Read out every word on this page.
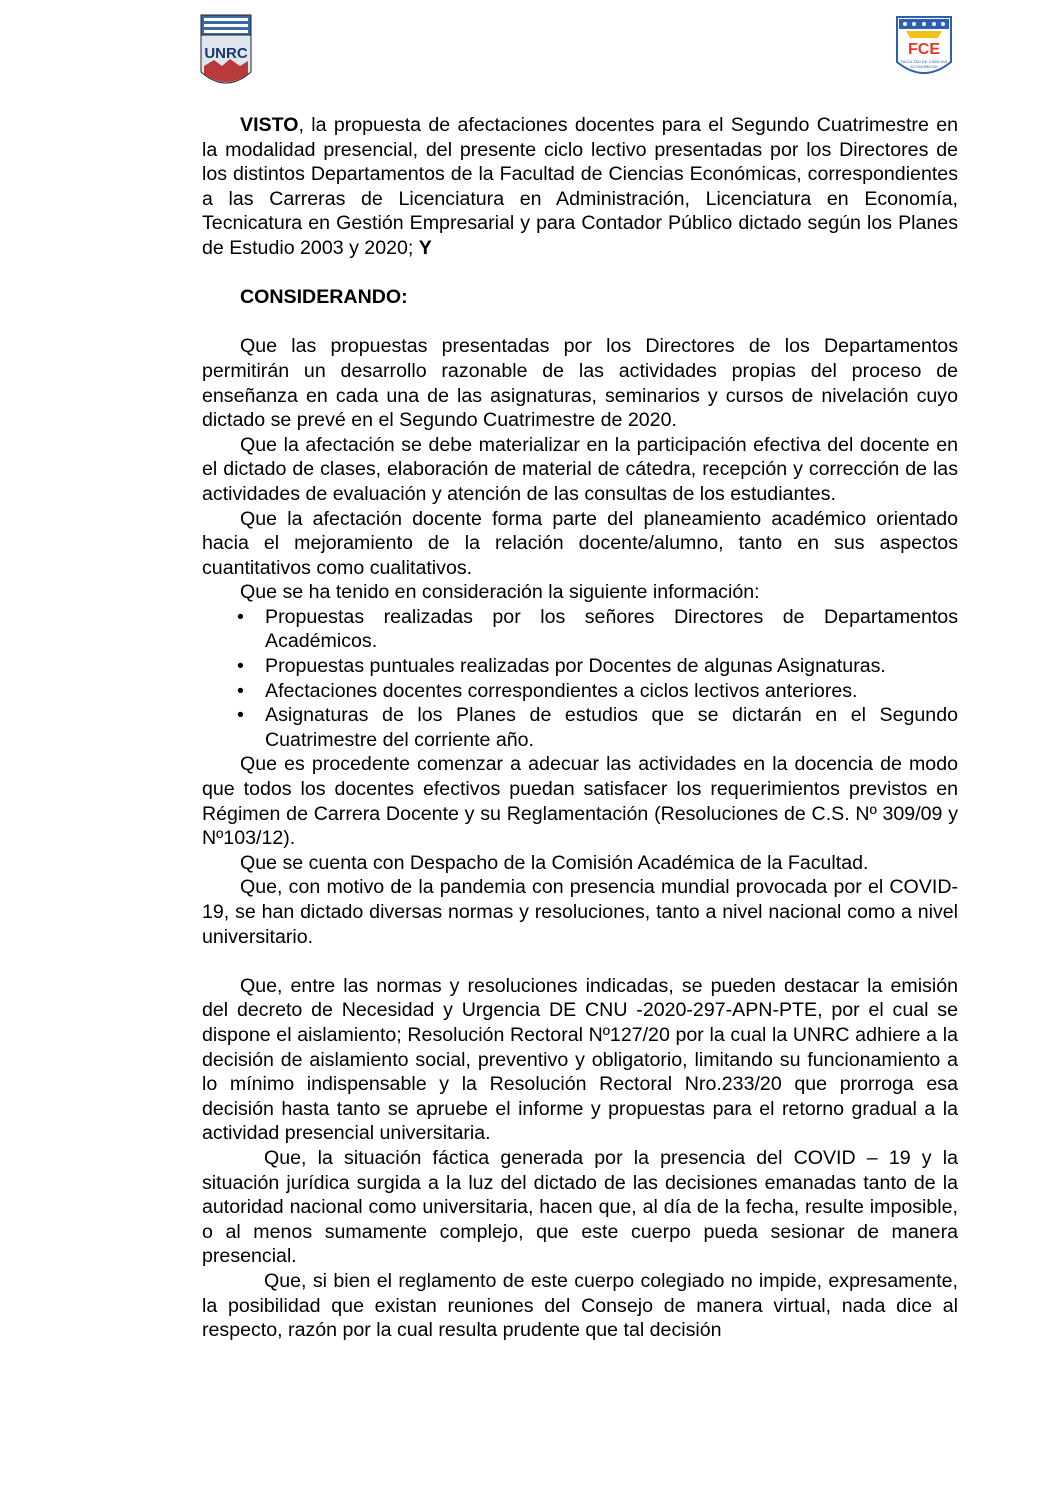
UNRC	FCE
FACULTAD DE CIENCIAS
ECONOMICAS

VISTO, la propuesta de afectaciones docentes para el Segundo Cuatrimestre en la modalidad presencial, del presente ciclo lectivo presentadas por los Directores de los distintos Departamentos de la Facultad de Ciencias Económicas, correspondientes a las Carreras de Licenciatura en Administración, Licenciatura en Economía, Tecnicatura en Gestión Empresarial y para Contador Público dictado según los Planes de Estudio 2003 y 2020; Y

CONSIDERANDO:

Que las propuestas presentadas por los Directores de los Departamentos permitirán un desarrollo razonable de las actividades propias del proceso de enseñanza en cada una de las asignaturas, seminarios y cursos de nivelación cuyo dictado se prevé en el Segundo Cuatrimestre de 2020.

Que la afectación se debe materializar en la participación efectiva del docente en el dictado de clases, elaboración de material de cátedra, recepción y corrección de las actividades de evaluación y atención de las consultas de los estudiantes.

Que la afectación docente forma parte del planeamiento académico orientado hacia el mejoramiento de la relación docente/alumno, tanto en sus aspectos cuantitativos como cualitativos.

Que se ha tenido en consideración la siguiente información:

• Propuestas realizadas por los señores Directores de Departamentos Académicos.
• Propuestas puntuales realizadas por Docentes de algunas Asignaturas.
• Afectaciones docentes correspondientes a ciclos lectivos anteriores.
• Asignaturas de los Planes de estudios que se dictarán en el Segundo Cuatrimestre del corriente año.

Que es procedente comenzar a adecuar las actividades en la docencia de modo que todos los docentes efectivos puedan satisfacer los requerimientos previstos en Régimen de Carrera Docente y su Reglamentación (Resoluciones de C.S. Nº 309/09 y Nº103/12).

Que se cuenta con Despacho de la Comisión Académica de la Facultad.

Que, con motivo de la pandemia con presencia mundial provocada por el COVID-19, se han dictado diversas normas y resoluciones, tanto a nivel nacional como a nivel universitario.

Que, entre las normas y resoluciones indicadas, se pueden destacar la emisión del decreto de Necesidad y Urgencia DE CNU -2020-297-APN-PTE, por el cual se dispone el aislamiento; Resolución Rectoral Nº127/20 por la cual la UNRC adhiere a la decisión de aislamiento social, preventivo y obligatorio, limitando su funcionamiento a lo mínimo indispensable y la Resolución Rectoral Nro.233/20 que prorroga esa decisión hasta tanto se apruebe el informe y propuestas para el retorno gradual a la actividad presencial universitaria.

Que, la situación fáctica generada por la presencia del COVID – 19 y la situación jurídica surgida a la luz del dictado de las decisiones emanadas tanto de la autoridad nacional como universitaria, hacen que, al día de la fecha, resulte imposible, o al menos sumamente complejo, que este cuerpo pueda sesionar de manera presencial.

Que, si bien el reglamento de este cuerpo colegiado no impide, expresamente, la posibilidad que existan reuniones del Consejo de manera virtual, nada dice al respecto, razón por la cual resulta prudente que tal decisión
